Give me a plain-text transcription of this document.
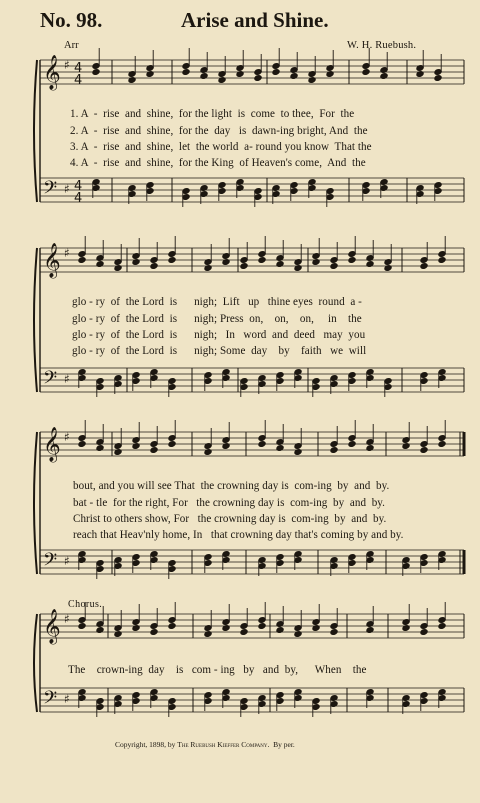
No. 98.	Arise and Shine.
Arr	W. H. Ruebush.
𝄞
𝄢
♯
♯
4
4
4
4
𝄞
𝄢
♯
♯
𝄞
𝄢
♯
♯
𝄞
𝄢
♯
♯
1. A  -  rise  and  shine,  for the light  is  come  to thee,  For  the
2. A  -  rise  and  shine,  for the  day   is  dawn-ing bright, And  the
3. A  -  rise  and  shine,  let  the world  a- round you know  That the
4. A  -  rise  and  shine,  for the King  of Heaven's come,  And  the
glo - ry  of  the Lord  is      nigh;  Lift   up   thine eyes  round  a -
glo - ry  of  the Lord  is      nigh; Press  on,    on,    on,     in    the
glo - ry  of  the Lord  is      nigh;   In   word  and  deed   may  you
glo - ry  of  the Lord  is      nigh; Some  day    by    faith   we  will
bout, and you will see That  the crowning day is  com-ing  by  and  by.
bat - tle  for the right, For   the crowning day is  com-ing  by  and  by.
Christ to others show, For   the crowning day is  com-ing  by  and  by.
reach that Heav'nly home, In   that crowning day that's coming by and by.
Chorus.
The    crown-ing  day    is   com - ing   by   and  by,      When    the
Copyright, 1898, by The Ruebush Kieffer Company. By per.
